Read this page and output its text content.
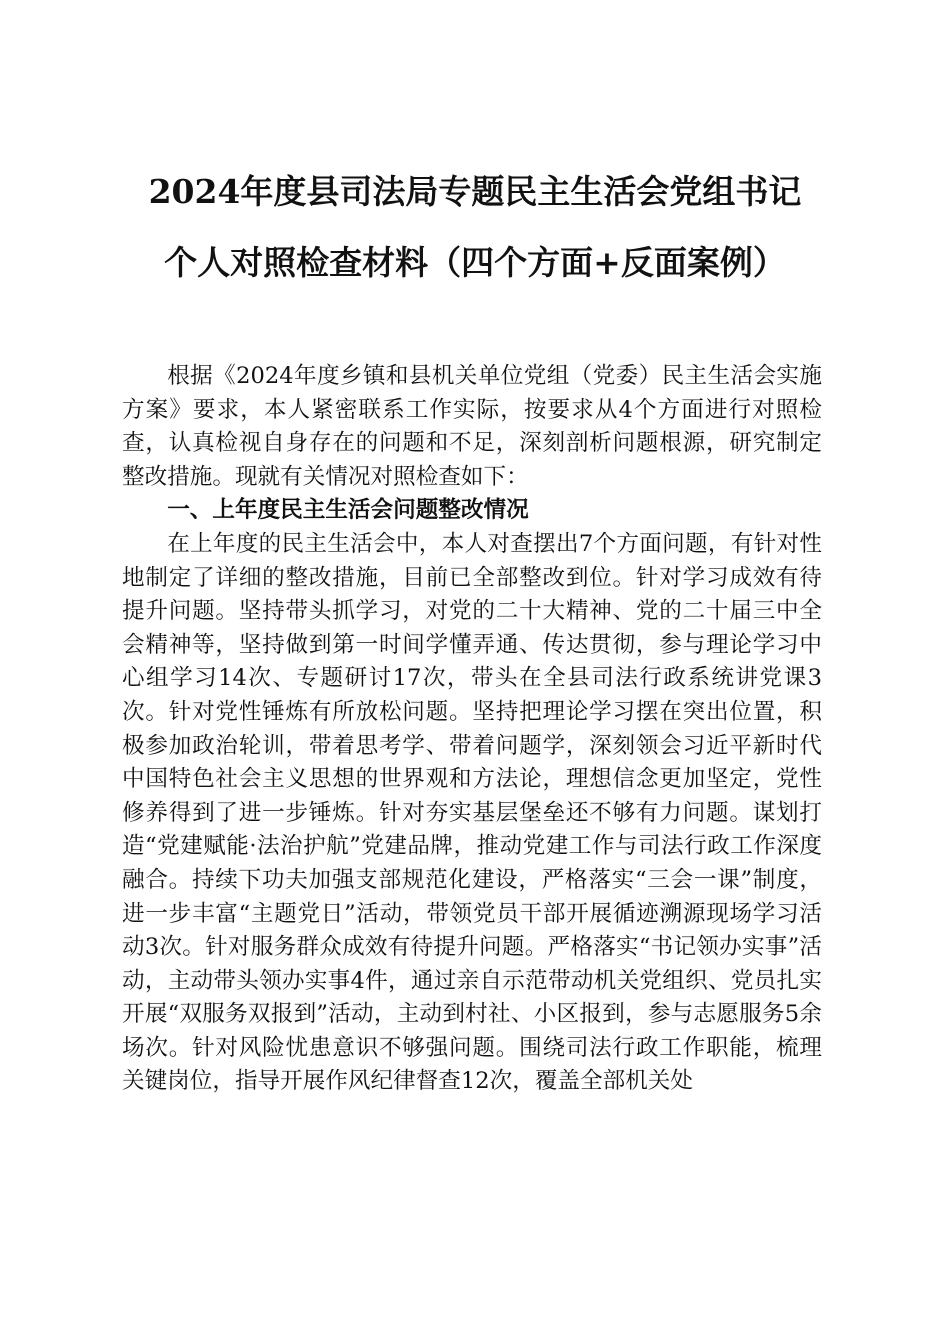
2024年度县司法局专题民主生活会党组书记
个人对照检查材料（四个方面+反面案例）

根据《2024年度乡镇和县机关单位党组（党委）民主生活会实施方案》要求，本人紧密联系工作实际，按要求从4个方面进行对照检查，认真检视自身存在的问题和不足，深刻剖析问题根源，研究制定整改措施。现就有关情况对照检查如下：

一、上年度民主生活会问题整改情况

在上年度的民主生活会中，本人对查摆出7个方面问题，有针对性地制定了详细的整改措施，目前已全部整改到位。针对学习成效有待提升问题。坚持带头抓学习，对党的二十大精神、党的二十届三中全会精神等，坚持做到第一时间学懂弄通、传达贯彻，参与理论学习中心组学习14次、专题研讨17次，带头在全县司法行政系统讲党课3次。针对党性锤炼有所放松问题。坚持把理论学习摆在突出位置，积极参加政治轮训，带着思考学、带着问题学，深刻领会习近平新时代中国特色社会主义思想的世界观和方法论，理想信念更加坚定，党性修养得到了进一步锤炼。针对夯实基层堡垒还不够有力问题。谋划打造“党建赋能·法治护航”党建品牌，推动党建工作与司法行政工作深度融合。持续下功夫加强支部规范化建设，严格落实“三会一课”制度，进一步丰富“主题党日”活动，带领党员干部开展循迹溯源现场学习活动3次。针对服务群众成效有待提升问题。严格落实“书记领办实事”活动，主动带头领办实事4件，通过亲自示范带动机关党组织、党员扎实开展“双服务双报到”活动，主动到村社、小区报到，参与志愿服务5余场次。针对风险忧患意识不够强问题。围绕司法行政工作职能，梳理关键岗位，指导开展作风纪律督查12次，覆盖全部机关处
